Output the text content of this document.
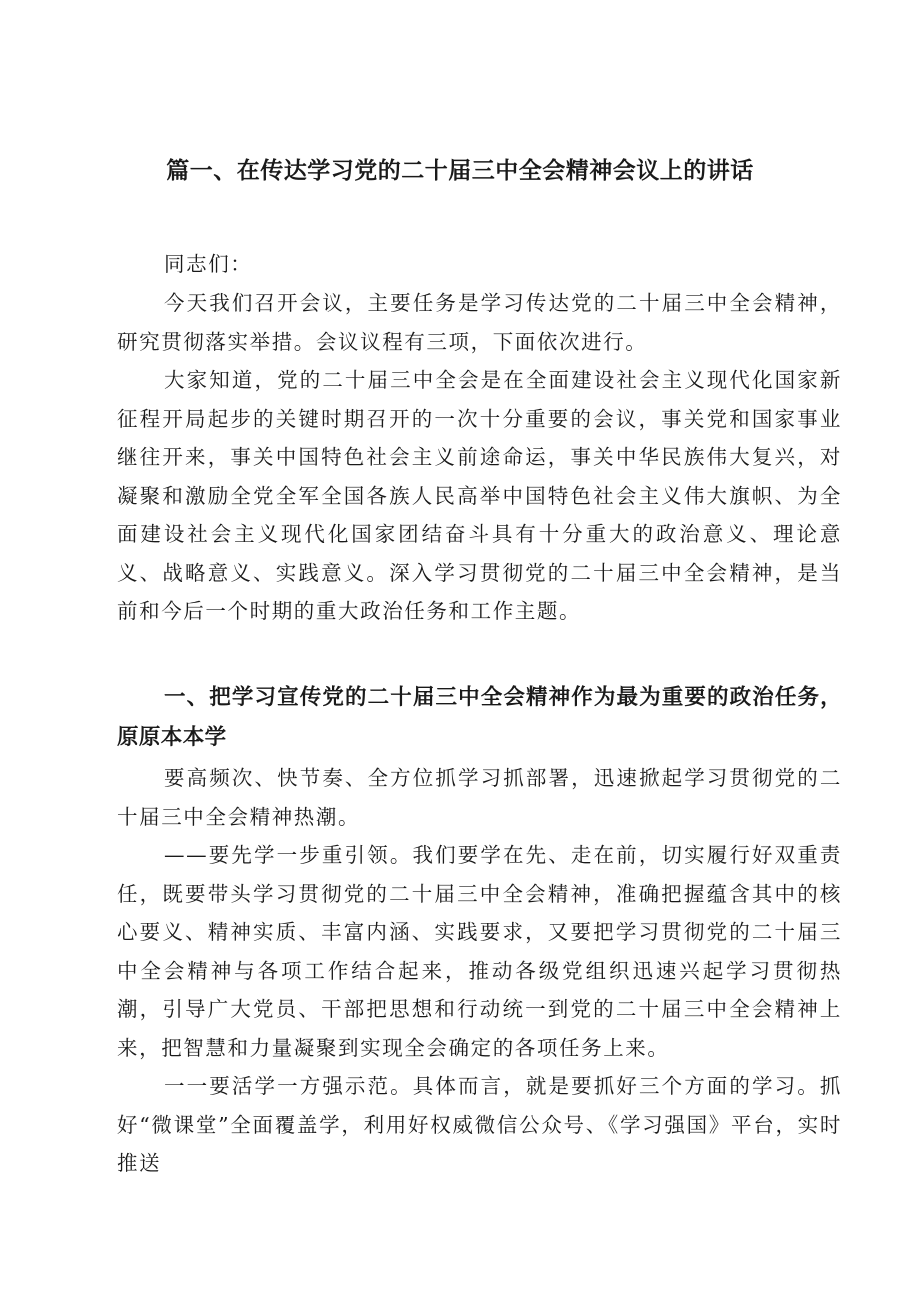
篇一、在传达学习党的二十届三中全会精神会议上的讲话
同志们：

今天我们召开会议，主要任务是学习传达党的二十届三中全会精神，研究贯彻落实举措。会议议程有三项，下面依次进行。

大家知道，党的二十届三中全会是在全面建设社会主义现代化国家新征程开局起步的关键时期召开的一次十分重要的会议，事关党和国家事业继往开来，事关中国特色社会主义前途命运，事关中华民族伟大复兴，对凝聚和激励全党全军全国各族人民高举中国特色社会主义伟大旗帜、为全面建设社会主义现代化国家团结奋斗具有十分重大的政治意义、理论意义、战略意义、实践意义。深入学习贯彻党的二十届三中全会精神，是当前和今后一个时期的重大政治任务和工作主题。

一、把学习宣传党的二十届三中全会精神作为最为重要的政治任务，原原本本学

要高频次、快节奏、全方位抓学习抓部署，迅速掀起学习贯彻党的二十届三中全会精神热潮。

——要先学一步重引领。我们要学在先、走在前，切实履行好双重责任，既要带头学习贯彻党的二十届三中全会精神，准确把握蕴含其中的核心要义、精神实质、丰富内涵、实践要求，又要把学习贯彻党的二十届三中全会精神与各项工作结合起来，推动各级党组织迅速兴起学习贯彻热潮，引导广大党员、干部把思想和行动统一到党的二十届三中全会精神上来，把智慧和力量凝聚到实现全会确定的各项任务上来。

一一要活学一方强示范。具体而言，就是要抓好三个方面的学习。抓好“微课堂”全面覆盖学，利用好权威微信公众号、《学习强国》平台，实时推送
